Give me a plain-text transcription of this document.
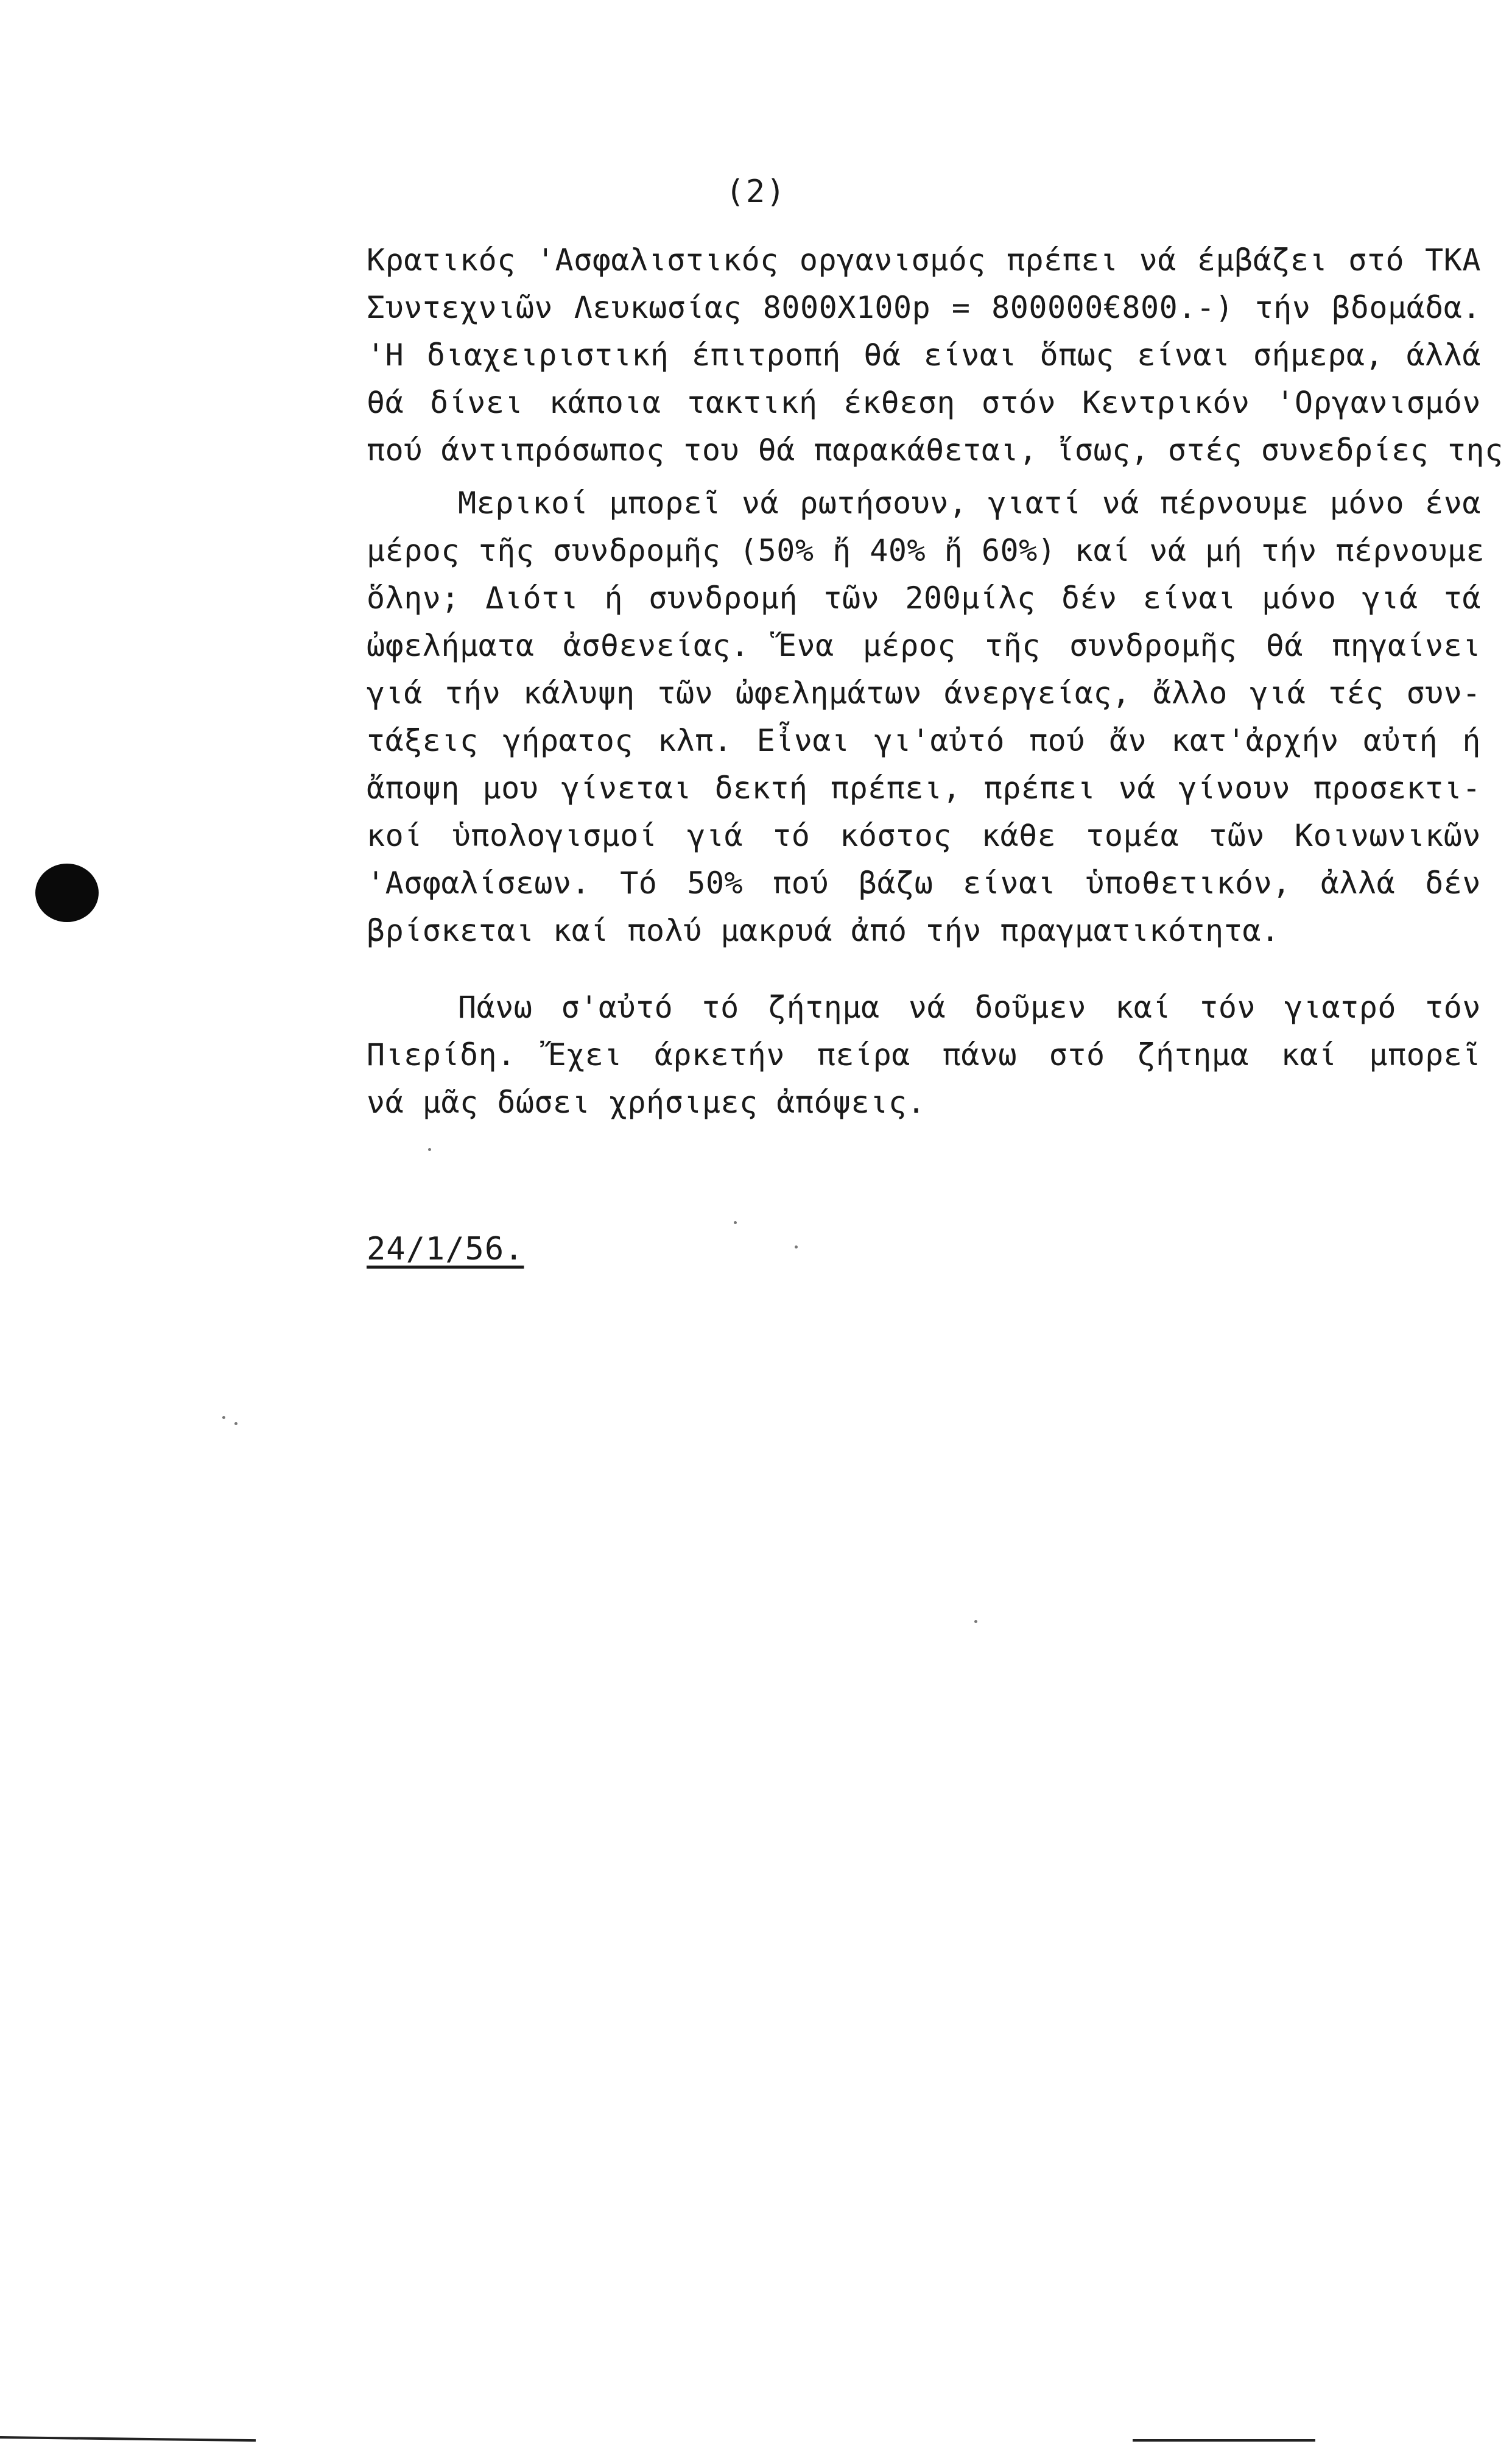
(2)
Κρατικός 'Ασφαλιστικός οργανισμός πρέπει νά έμβάζει στό ΤΚΑ
Συντεχνιῶν Λευκωσίας 8000Χ100p = 800000€800.-) τήν βδομάδα.
'Η διαχειριστική έπιτροπή θά είναι ὅπως είναι σήμερα, άλλά
θά δίνει κάποια τακτική έκθεση στόν Κεντρικόν 'Οργανισμόν
πού άντιπρόσωπος του θά παρακάθεται, ἴσως, στές συνεδρίες της
Μερικοί μπορεῖ νά ρωτήσουν, γιατί νά πέρνουμε μόνο ένα
μέρος τῆς συνδρομῆς (50% ἤ 40% ἤ 60%) καί νά μή τήν πέρνουμε
ὅλην; Διότι ή συνδρομή τῶν 200μίλς δέν είναι μόνο γιά τά
ὠφελήματα ἀσθενείας. Ἕνα μέρος τῆς συνδρομῆς θά πηγαίνει
γιά τήν κάλυψη τῶν ὠφελημάτων άνεργείας, ἄλλο γιά τές συν-
τάξεις γήρατος κλπ. Εἶναι γι'αὐτό πού ἄν κατ'ἀρχήν αὐτή ή
ἄποψη μου γίνεται δεκτή πρέπει, πρέπει νά γίνουν προσεκτι-
κοί ὑπολογισμοί γιά τό κόστος κάθε τομέα τῶν Κοινωνικῶν
'Ασφαλίσεων. Τό 50% πού βάζω είναι ὑποθετικόν, ἀλλά δέν
βρίσκεται καί πολύ μακρυά ἀπό τήν πραγματικότητα.
Πάνω σ'αὐτό τό ζήτημα νά δοῦμεν καί τόν γιατρό τόν
Πιερίδη. Ἔχει άρκετήν πείρα πάνω στό ζήτημα καί μπορεῖ
νά μᾶς δώσει χρήσιμες ἀπόψεις.
24/1/56.
